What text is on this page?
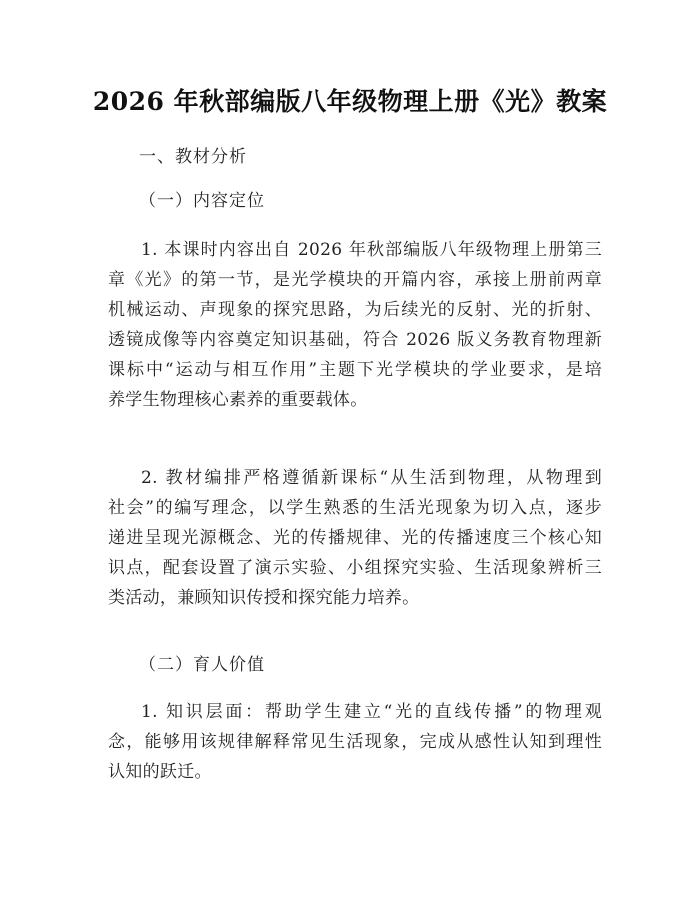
2026 年秋部编版八年级物理上册《光》教案
一、教材分析
（一）内容定位
1. 本课时内容出自 2026 年秋部编版八年级物理上册第三
章《光》的第一节，是光学模块的开篇内容，承接上册前两章
机械运动、声现象的探究思路，为后续光的反射、光的折射、
透镜成像等内容奠定知识基础，符合 2026 版义务教育物理新
课标中“运动与相互作用”主题下光学模块的学业要求，是培
养学生物理核心素养的重要载体。
2. 教材编排严格遵循新课标“从生活到物理，从物理到
社会”的编写理念，以学生熟悉的生活光现象为切入点，逐步
递进呈现光源概念、光的传播规律、光的传播速度三个核心知
识点，配套设置了演示实验、小组探究实验、生活现象辨析三
类活动，兼顾知识传授和探究能力培养。
（二）育人价值
1. 知识层面：帮助学生建立“光的直线传播”的物理观
念，能够用该规律解释常见生活现象，完成从感性认知到理性
认知的跃迁。
